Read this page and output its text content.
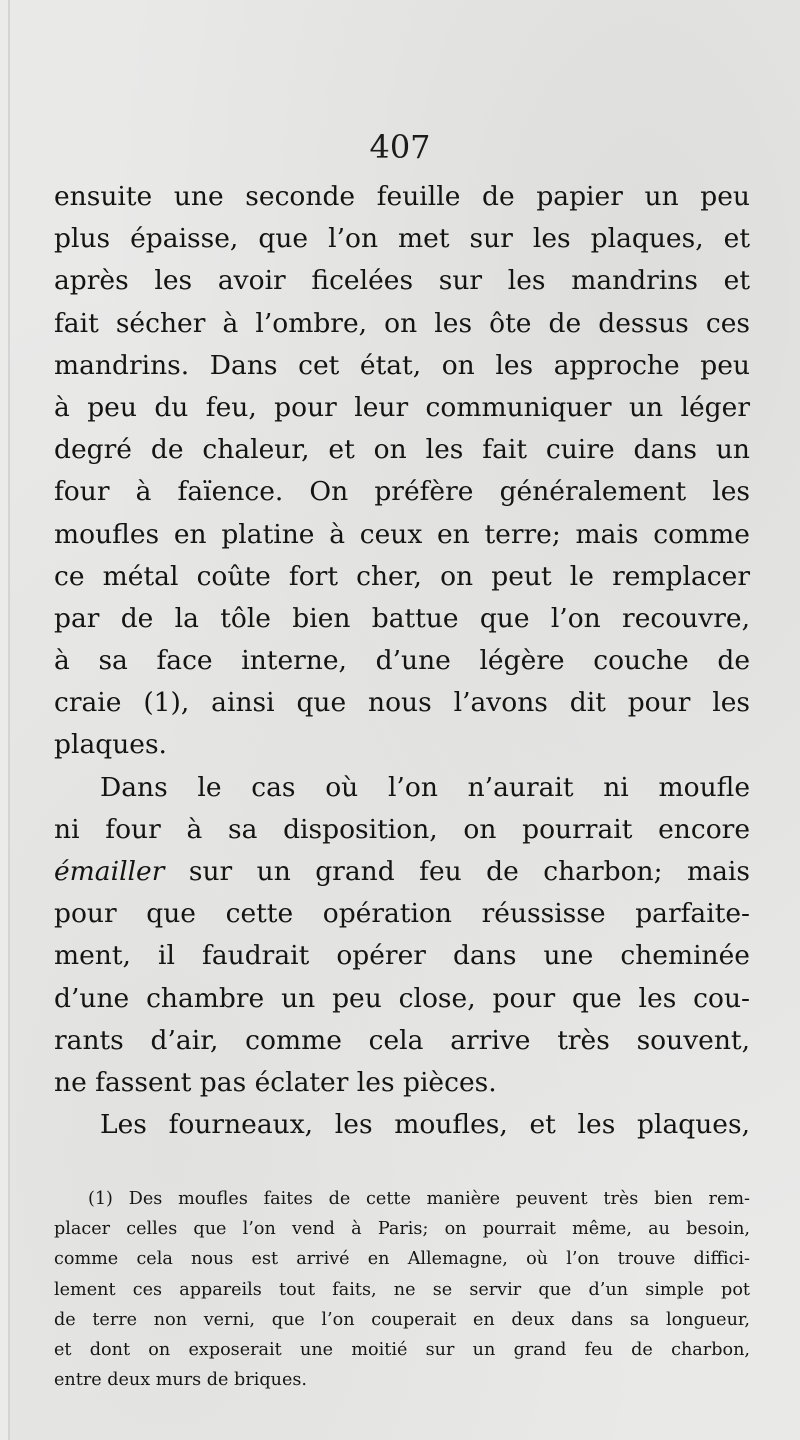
407
ensuite une seconde feuille de papier un peu
plus épaisse, que l’on met sur les plaques, et
après les avoir ficelées sur les mandrins et
fait sécher à l’ombre, on les ôte de dessus ces
mandrins. Dans cet état, on les approche peu
à peu du feu, pour leur communiquer un léger
degré de chaleur, et on les fait cuire dans un
four à faïence. On préfère généralement les
moufles en platine à ceux en terre; mais comme
ce métal coûte fort cher, on peut le remplacer
par de la tôle bien battue que l’on recouvre,
à sa face interne, d’une légère couche de
craie (1), ainsi que nous l’avons dit pour les
plaques.
Dans le cas où l’on n’aurait ni moufle
ni four à sa disposition, on pourrait encore
émailler sur un grand feu de charbon; mais
pour que cette opération réussisse parfaite-
ment, il faudrait opérer dans une cheminée
d’une chambre un peu close, pour que les cou-
rants d’air, comme cela arrive très souvent,
ne fassent pas éclater les pièces.
Les fourneaux, les moufles, et les plaques,
(1) Des moufles faites de cette manière peuvent très bien rem-
placer celles que l’on vend à Paris; on pourrait même, au besoin,
comme cela nous est arrivé en Allemagne, où l’on trouve diffici-
lement ces appareils tout faits, ne se servir que d’un simple pot
de terre non verni, que l’on couperait en deux dans sa longueur,
et dont on exposerait une moitié sur un grand feu de charbon,
entre deux murs de briques.
